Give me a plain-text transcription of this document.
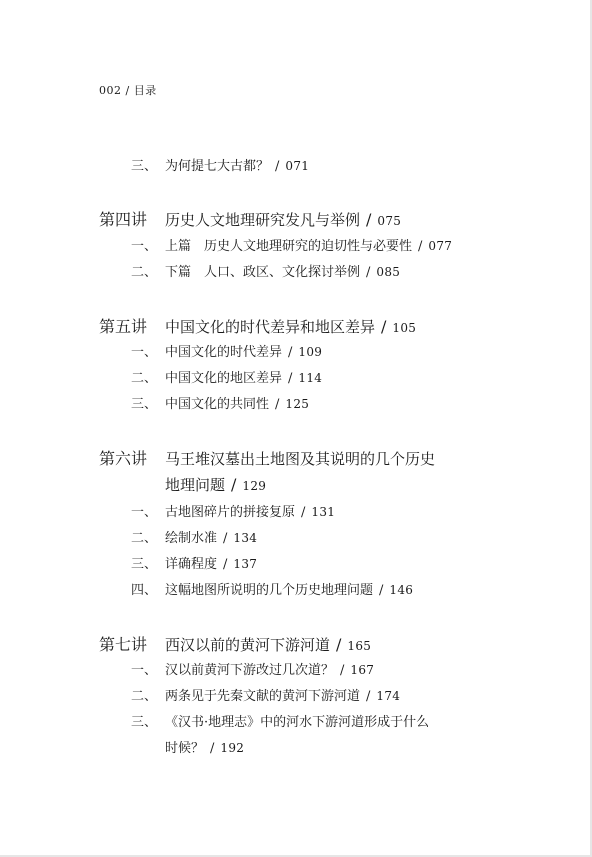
002 / 目录
三、 为何提七大古都？ / 071
第四讲 历史人文地理研究发凡与举例 / 075
一、 上篇　历史人文地理研究的迫切性与必要性 / 077
二、 下篇　人口、政区、文化探讨举例 / 085
第五讲 中国文化的时代差异和地区差异 / 105
一、 中国文化的时代差异 / 109
二、 中国文化的地区差异 / 114
三、 中国文化的共同性 / 125
第六讲 马王堆汉墓出土地图及其说明的几个历史
地理问题 / 129
一、 古地图碎片的拼接复原 / 131
二、 绘制水准 / 134
三、 详确程度 / 137
四、 这幅地图所说明的几个历史地理问题 / 146
第七讲 西汉以前的黄河下游河道 / 165
一、 汉以前黄河下游改过几次道？ / 167
二、 两条见于先秦文献的黄河下游河道 / 174
三、 《汉书·地理志》中的河水下游河道形成于什么
时候？ / 192
